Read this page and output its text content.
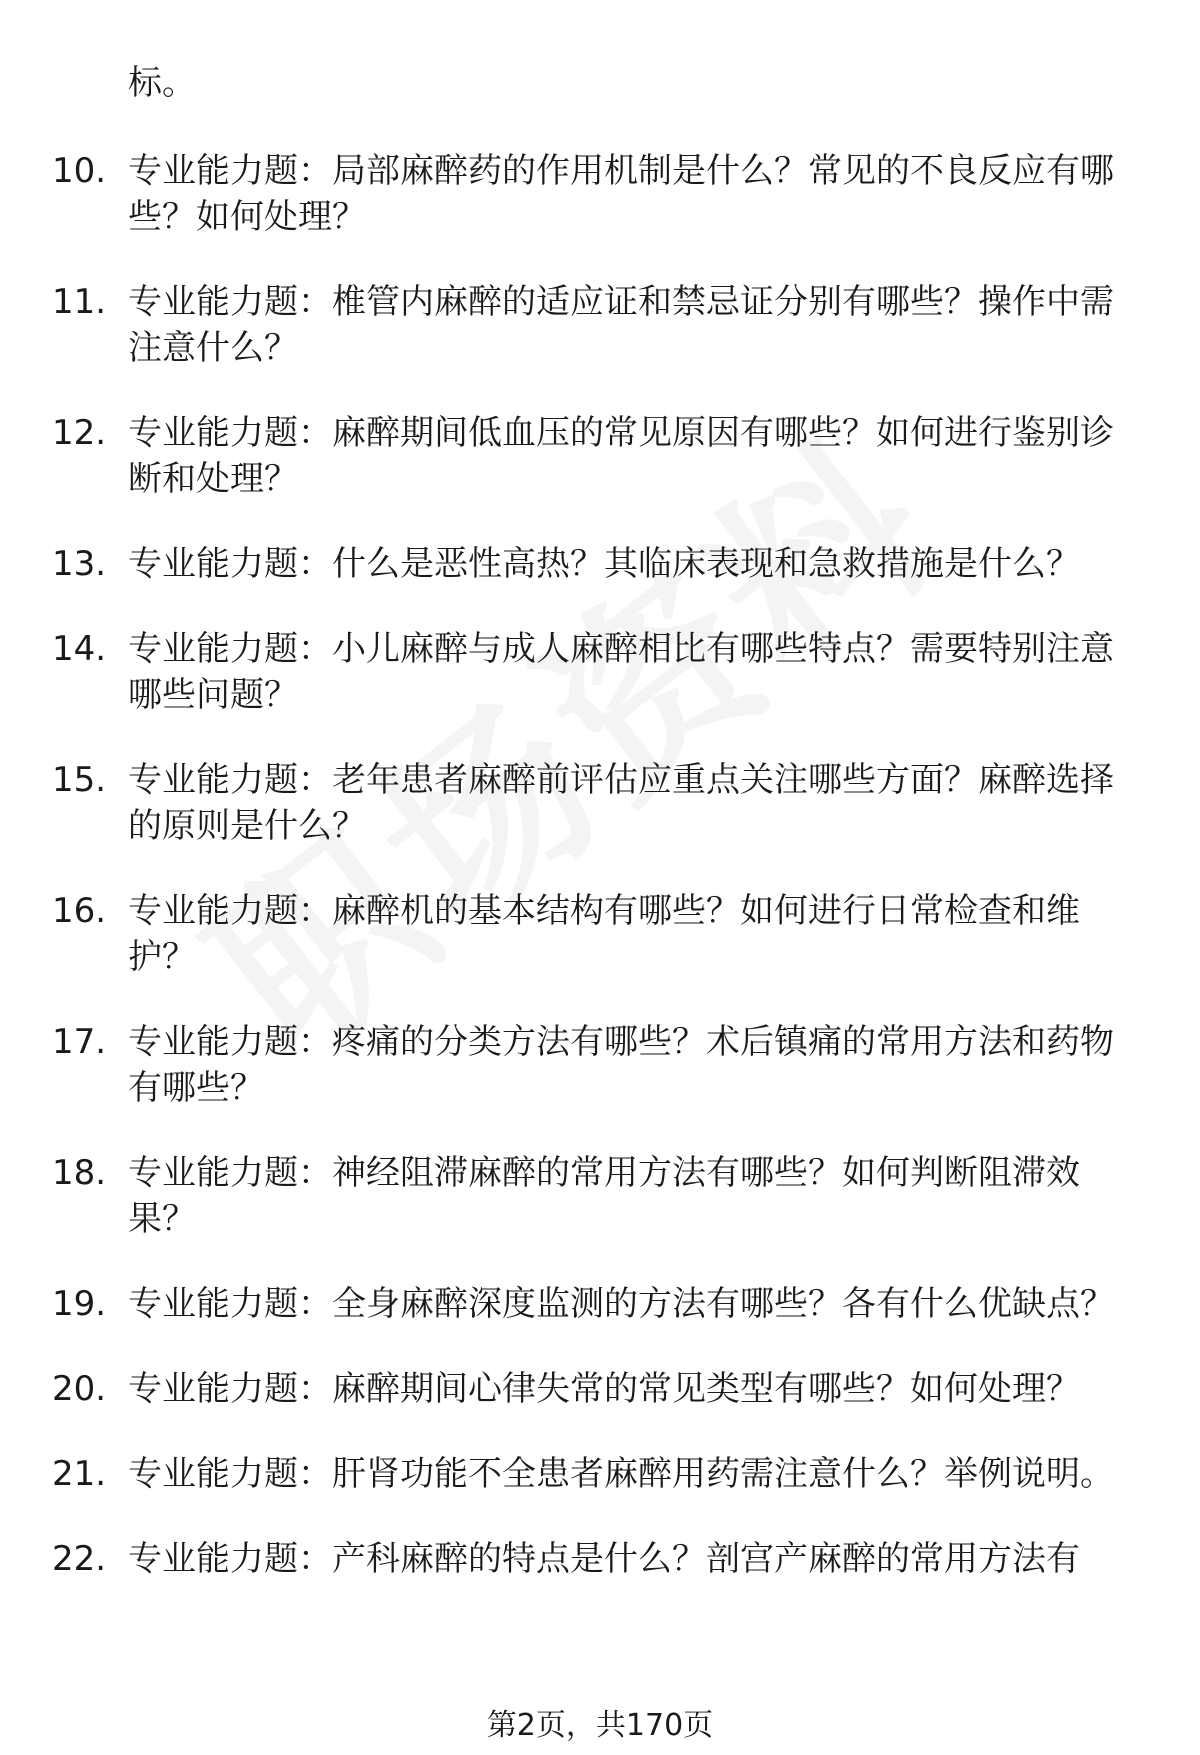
标。
10. 专业能力题：局部麻醉药的作用机制是什么？常见的不良反应有哪些？如何处理？
11. 专业能力题：椎管内麻醉的适应证和禁忌证分别有哪些？操作中需注意什么？
12. 专业能力题：麻醉期间低血压的常见原因有哪些？如何进行鉴别诊断和处理？
13. 专业能力题：什么是恶性高热？其临床表现和急救措施是什么？
14. 专业能力题：小儿麻醉与成人麻醉相比有哪些特点？需要特别注意哪些问题？
15. 专业能力题：老年患者麻醉前评估应重点关注哪些方面？麻醉选择的原则是什么？
16. 专业能力题：麻醉机的基本结构有哪些？如何进行日常检查和维护？
17. 专业能力题：疼痛的分类方法有哪些？术后镇痛的常用方法和药物有哪些？
18. 专业能力题：神经阻滞麻醉的常用方法有哪些？如何判断阻滞效果？
19. 专业能力题：全身麻醉深度监测的方法有哪些？各有什么优缺点？
20. 专业能力题：麻醉期间心律失常的常见类型有哪些？如何处理？
21. 专业能力题：肝肾功能不全患者麻醉用药需注意什么？举例说明。
22. 专业能力题：产科麻醉的特点是什么？剖宫产麻醉的常用方法有
第2页，共170页
